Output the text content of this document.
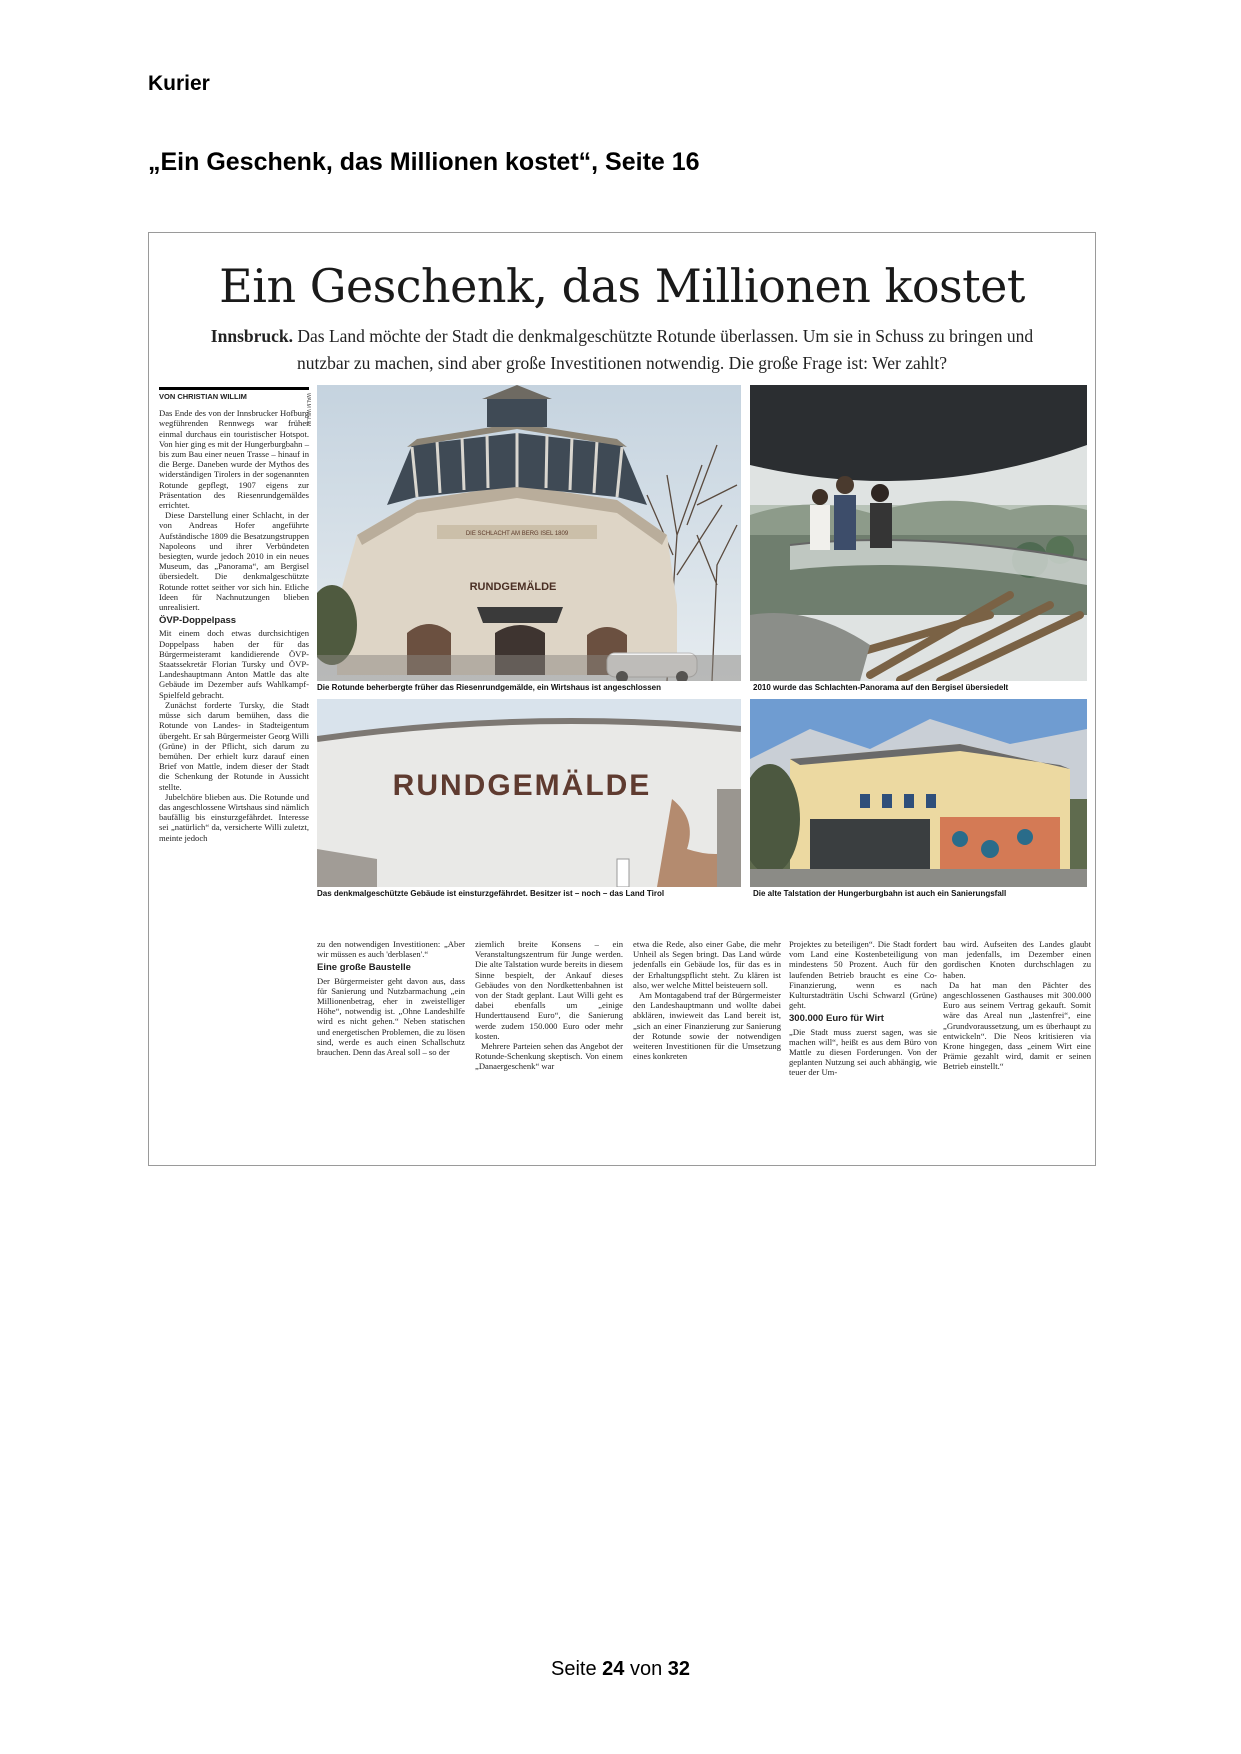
Kurier
„Ein Geschenk, das Millionen kostet“, Seite 16
Ein Geschenk, das Millionen kostet
Innsbruck. Das Land möchte der Stadt die denkmalgeschützte Rotunde überlassen. Um sie in Schuss zu bringen und nutzbar zu machen, sind aber große Investitionen notwendig. Die große Frage ist: Wer zahlt?
VON CHRISTIAN WILLIM

Das Ende des von der Innsbrucker Hofburg wegführenden Rennwegs war früher einmal durchaus ein touristischer Hotspot. Von hier ging es mit der Hungerburgbahn – bis zum Bau einer neuen Trasse – hinauf in die Berge. Daneben wurde der Mythos des widerständigen Tirolers in der sogenannten Rotunde gepflegt, 1907 eigens zur Präsentation des Riesenrundgemäldes errichtet.

Diese Darstellung einer Schlacht, in der von Andreas Hofer angeführte Aufständische 1809 die Besatzungstruppen Napoleons und ihrer Verbündeten besiegten, wurde jedoch 2010 in ein neues Museum, das „Panorama“, am Bergisel übersiedelt. Die denkmalgeschützte Rotunde rottet seither vor sich hin. Etliche Ideen für Nachnutzungen blieben unrealisiert.

ÖVP-Doppelpass

Mit einem doch etwas durchsichtigen Doppelpass haben der für das Bürgermeisteramt kandidierende ÖVP-Staatssekretär Florian Tursky und ÖVP-Landeshauptmann Anton Mattle das alte Gebäude im Dezember aufs Wahlkampf-Spielfeld gebracht.

Zunächst forderte Tursky, die Stadt müsse sich darum bemühen, dass die Rotunde von Landes- in Stadteigentum übergeht. Er sah Bürgermeister Georg Willi (Grüne) in der Pflicht, sich darum zu bemühen. Der erhielt kurz darauf einen Brief von Mattle, indem dieser der Stadt die Schenkung der Rotunde in Aussicht stellte.

Jubelchöre blieben aus. Die Rotunde und das angeschlossene Wirtshaus sind nämlich baufällig bis einsturzgefährdet. Interesse sei „natürlich“ da, versicherte Willi zuletzt, meinte jedoch

WALM WILLIM
DIE SCHLACHT AM BERG ISEL 1809
RUNDGEMÄLDE
Die Rotunde beherbergte früher das Riesenrundgemälde, ein Wirtshaus ist angeschlossen	2010 wurde das Schlachten-Panorama auf den Bergisel übersiedelt
RUNDGEMÄLDE
Das denkmalgeschützte Gebäude ist einsturzgefährdet. Besitzer ist – noch – das Land Tirol	Die alte Talstation der Hungerburgbahn ist auch ein Sanierungsfall

zu den notwendigen Investitionen: „Aber wir müssen es auch 'derblasen'.“

Eine große Baustelle

Der Bürgermeister geht davon aus, dass für Sanierung und Nutzbarmachung „ein Millionenbetrag, eher in zweistelliger Höhe“, notwendig ist. „Ohne Landeshilfe wird es nicht gehen.“ Neben statischen und energetischen Problemen, die zu lösen sind, werde es auch einen Schallschutz brauchen. Denn das Areal soll – so der

ziemlich breite Konsens – ein Veranstaltungszentrum für Junge werden. Die alte Talstation wurde bereits in diesem Sinne bespielt, der Ankauf dieses Gebäudes von den Nordkettenbahnen ist von der Stadt geplant. Laut Willi geht es dabei ebenfalls um „einige Hunderttausend Euro“, die Sanierung werde zudem 150.000 Euro oder mehr kosten.

Mehrere Parteien sehen das Angebot der Rotunde-Schenkung skeptisch. Von einem „Danaergeschenk“ war

etwa die Rede, also einer Gabe, die mehr Unheil als Segen bringt. Das Land würde jedenfalls ein Gebäude los, für das es in der Erhaltungspflicht steht. Zu klären ist also, wer welche Mittel beisteuern soll.

Am Montagabend traf der Bürgermeister den Landeshauptmann und wollte dabei abklären, inwieweit das Land bereit ist, „sich an einer Finanzierung zur Sanierung der Rotunde sowie der notwendigen weiteren Investitionen für die Umsetzung eines konkreten

Projektes zu beteiligen“. Die Stadt fordert vom Land eine Kostenbeteiligung von mindestens 50 Prozent. Auch für den laufenden Betrieb braucht es eine Co-Finanzierung, wenn es nach Kulturstadträtin Uschi Schwarzl (Grüne) geht.

300.000 Euro für Wirt

„Die Stadt muss zuerst sagen, was sie machen will“, heißt es aus dem Büro von Mattle zu diesen Forderungen. Von der geplanten Nutzung sei auch abhängig, wie teuer der Um-

bau wird. Aufseiten des Landes glaubt man jedenfalls, im Dezember einen gordischen Knoten durchschlagen zu haben.

Da hat man den Pächter des angeschlossenen Gasthauses mit 300.000 Euro aus seinem Vertrag gekauft. Somit wäre das Areal nun „lastenfrei“, eine „Grundvoraussetzung, um es überhaupt zu entwickeln“. Die Neos kritisieren via Krone hingegen, dass „einem Wirt eine Prämie gezahlt wird, damit er seinen Betrieb einstellt.“

Seite 24 von 32
